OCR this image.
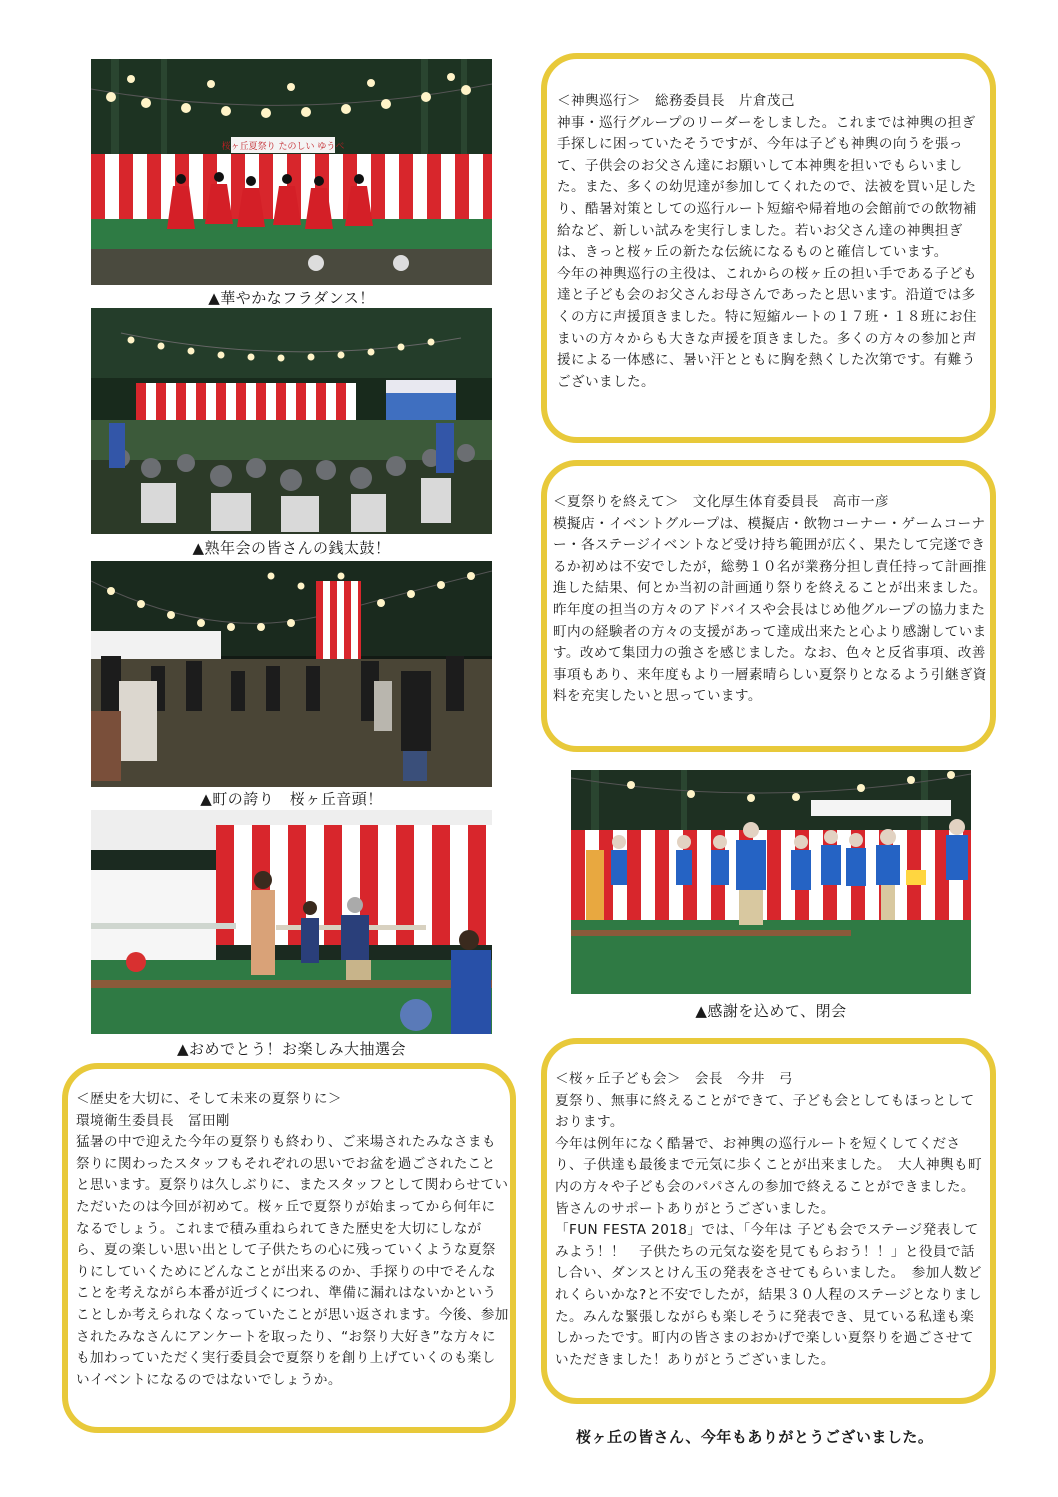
桜ヶ丘夏祭り たのしい ゆうべ
▲華やかなフラダンス！
▲熟年会の皆さんの銭太鼓！
▲町の誇り　桜ヶ丘音頭！
▲おめでとう！お楽しみ大抽選会
▲感謝を込めて、閉会
＜神輿巡行＞　総務委員長　片倉茂己
神事・巡行グループのリーダーをしました。これまでは神輿の担ぎ手探しに困っていたそうですが、今年は子ども神輿の向うを張って、子供会のお父さん達にお願いして本神輿を担いでもらいました。また、多くの幼児達が参加してくれたので、法被を買い足したり、酷暑対策としての巡行ルート短縮や帰着地の会館前での飲物補給など、新しい試みを実行しました。若いお父さん達の神輿担ぎは、きっと桜ヶ丘の新たな伝統になるものと確信しています。
今年の神輿巡行の主役は、これからの桜ヶ丘の担い手である子ども達と子ども会のお父さんお母さんであったと思います。沿道では多くの方に声援頂きました。特に短縮ルートの１７班・１８班にお住まいの方々からも大きな声援を頂きました。多くの方々の参加と声援による一体感に、暑い汗とともに胸を熱くした次第です。有難うございました。
＜夏祭りを終えて＞　文化厚生体育委員長　高市一彦
模擬店・イベントグループは、模擬店・飲物コーナー・ゲームコーナー・各ステージイベントなど受け持ち範囲が広く、果たして完遂できるか初めは不安でしたが，総勢１０名が業務分担し責任持って計画推進した結果、何とか当初の計画通り祭りを終えることが出来ました。昨年度の担当の方々のアドバイスや会長はじめ他グループの協力また町内の経験者の方々の支援があって達成出来たと心より感謝しています。改めて集団力の強さを感じました。なお、色々と反省事項、改善事項もあり、来年度もより一層素晴らしい夏祭りとなるよう引継ぎ資料を充実したいと思っています。
＜歴史を大切に、そして未来の夏祭りに＞
環境衛生委員長　冨田剛
猛暑の中で迎えた今年の夏祭りも終わり、ご来場されたみなさまも祭りに関わったスタッフもそれぞれの思いでお盆を過ごされたことと思います。夏祭りは久しぶりに、またスタッフとして関わらせていただいたのは今回が初めて。桜ヶ丘で夏祭りが始まってから何年になるでしょう。これまで積み重ねられてきた歴史を大切にしながら、夏の楽しい思い出として子供たちの心に残っていくような夏祭りにしていくためにどんなことが出来るのか、手探りの中でそんなことを考えながら本番が近づくにつれ、準備に漏れはないかということしか考えられなくなっていたことが思い返されます。今後、参加されたみなさんにアンケートを取ったり、“お祭り大好き”な方々にも加わっていただく実行委員会で夏祭りを創り上げていくのも楽しいイベントになるのではないでしょうか。
＜桜ヶ丘子ども会＞　会長　今井　弓
夏祭り、無事に終えることができて、子ども会としてもほっとしております。
今年は例年になく酷暑で、お神輿の巡行ルートを短くしてくださり、子供達も最後まで元気に歩くことが出来ました。　大人神輿も町内の方々や子ども会のパパさんの参加で終えることができました。皆さんのサポートありがとうございました。
「FUN FESTA 2018」では、「今年は 子ども会でステージ発表してみよう！！　子供たちの元気な姿を見てもらおう！！」と役員で話し合い、ダンスとけん玉の発表をさせてもらいました。　参加人数どれくらいかな?と不安でしたが，結果３０人程のステージとなりました。みんな緊張しながらも楽しそうに発表でき、見ている私達も楽しかったです。町内の皆さまのおかげで楽しい夏祭りを過ごさせていただきました！ありがとうございました。
桜ヶ丘の皆さん、今年もありがとうございました。
